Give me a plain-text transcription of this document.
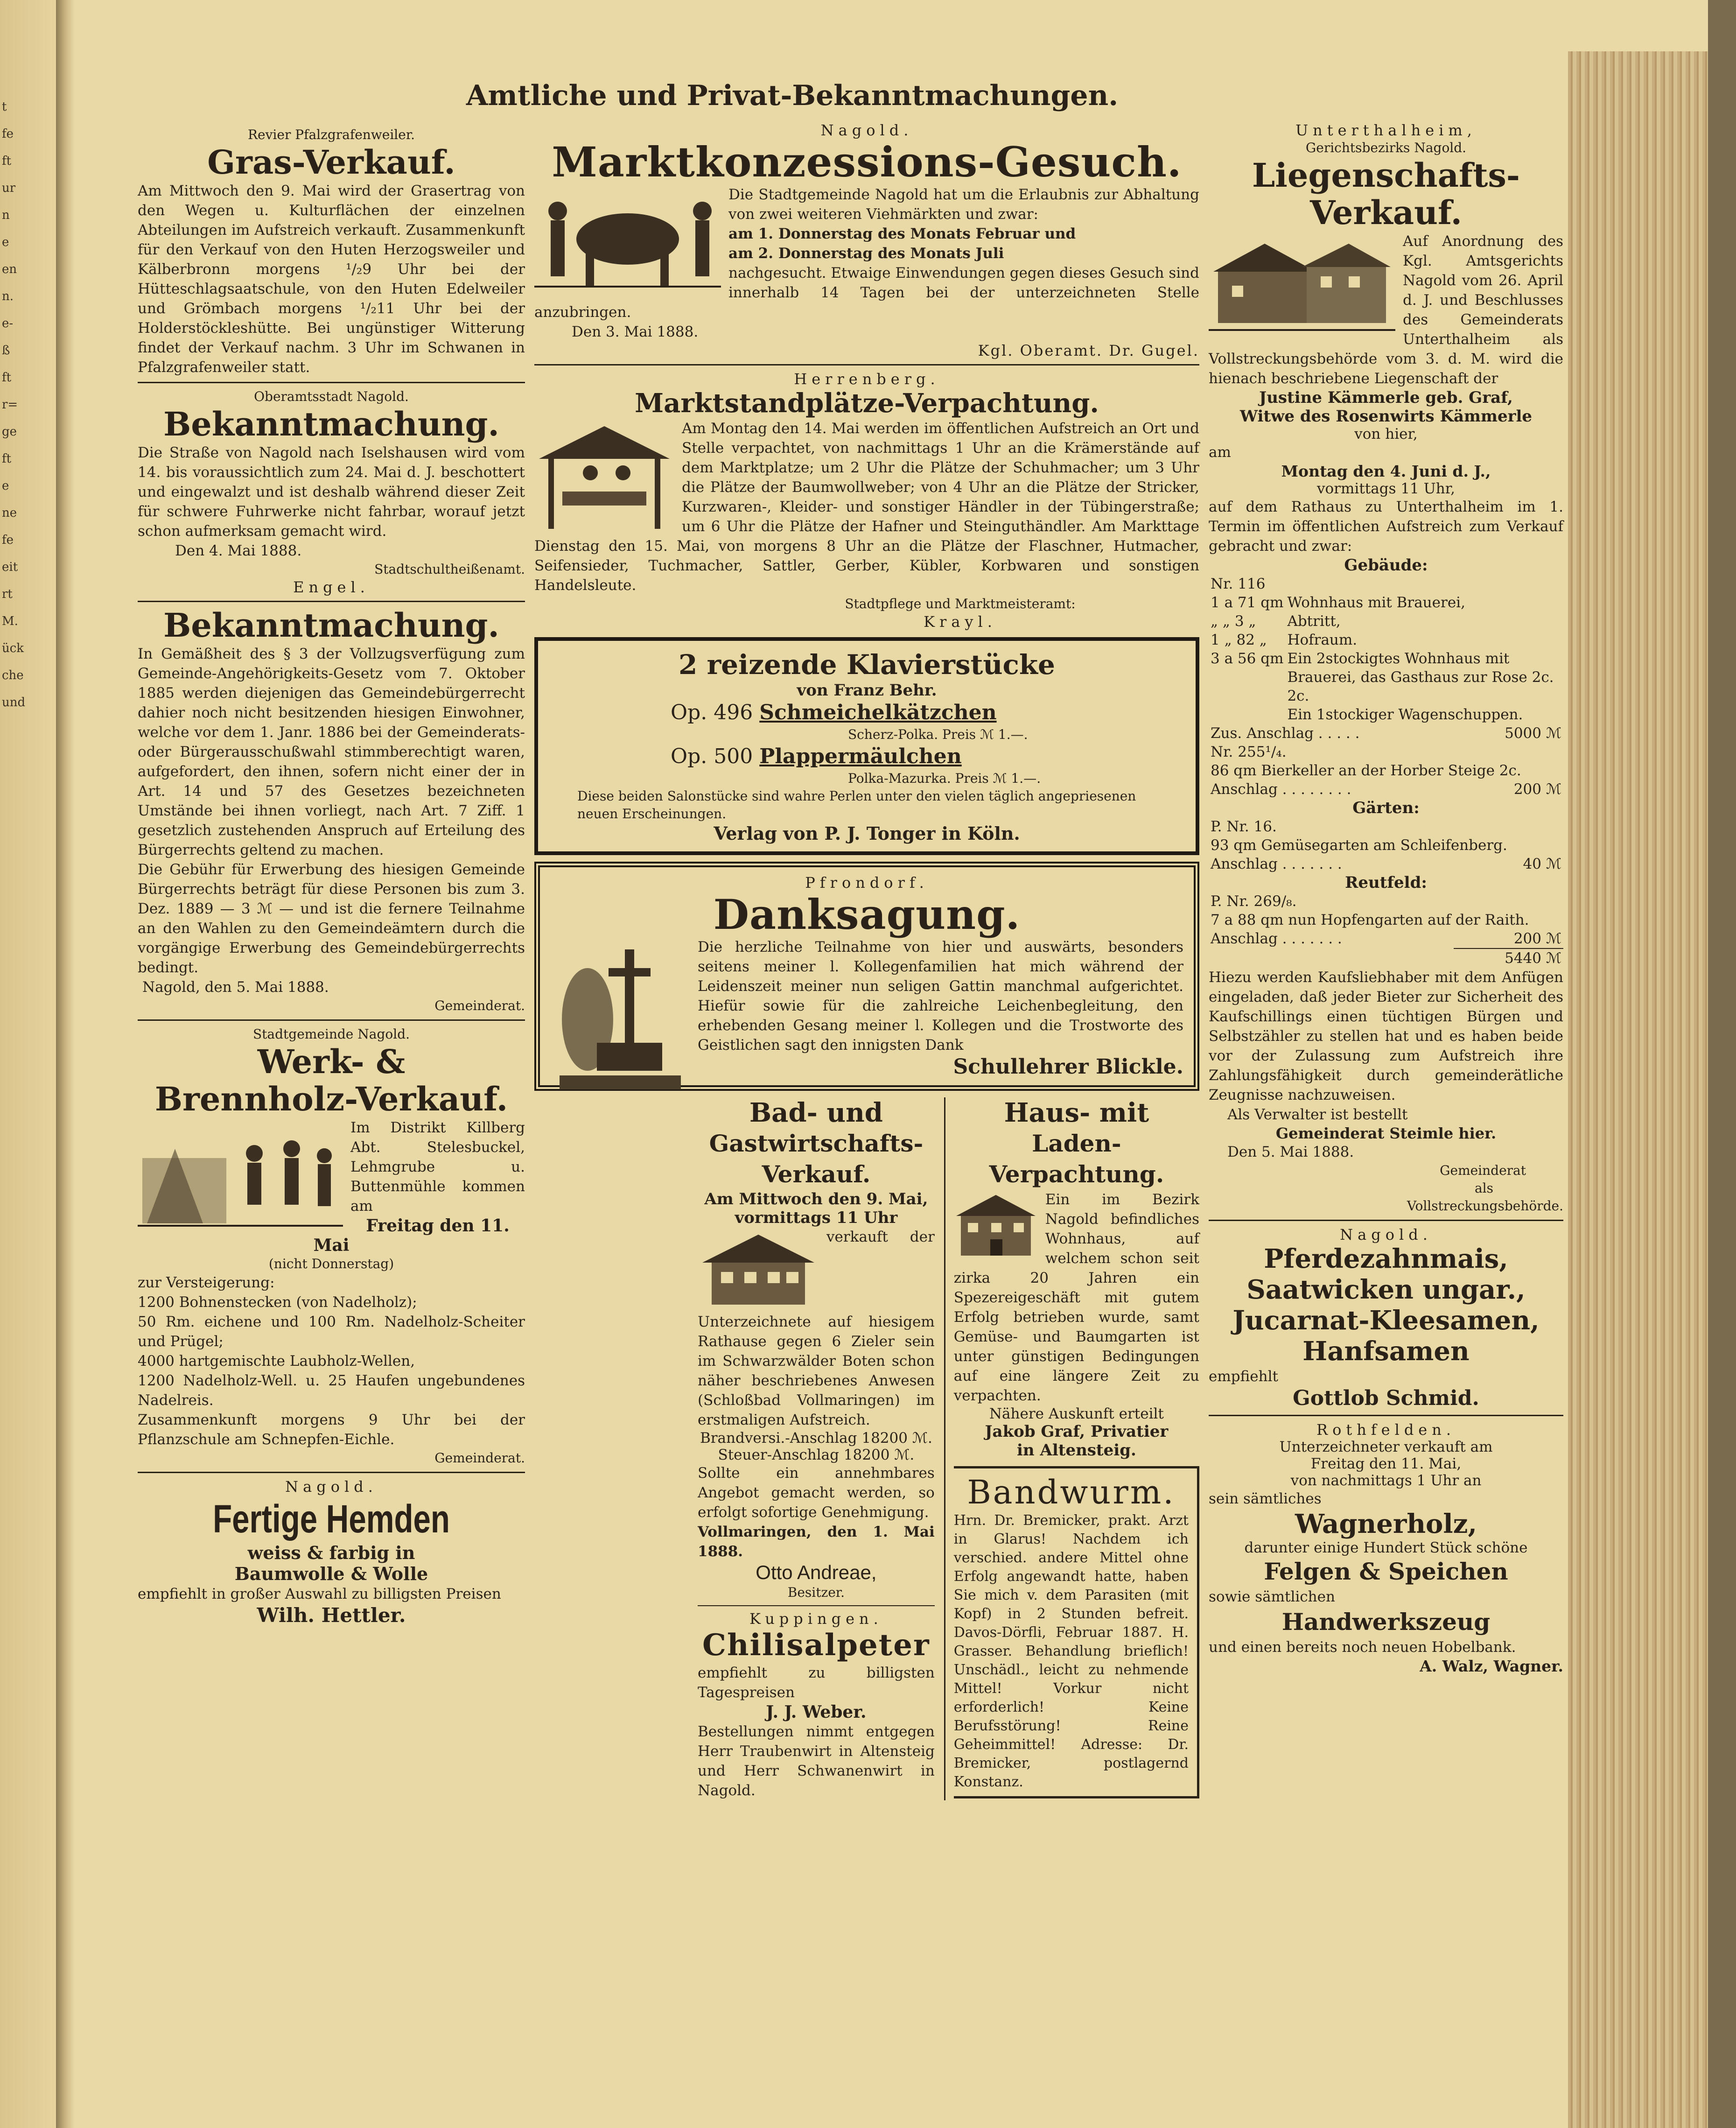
t
fe
ft
ur
n
e
en
n.
e-
ß
ft
r=
ge
ft
e
ne
fe
eit
rt
M.
ück
che
und
Amtliche und Privat-Bekanntmachungen.
Revier Pfalzgrafenweiler.
Gras-Verkauf.
Am Mittwoch den 9. Mai wird der Grasertrag von den Wegen u. Kulturflächen der einzelnen Abteilungen im Aufstreich verkauft. Zusammenkunft für den Verkauf von den Huten Herzogsweiler und Kälberbronn morgens ¹/₂9 Uhr bei der Hütteschlagsaatschule, von den Huten Edelweiler und Grömbach morgens ¹/₂11 Uhr bei der Holderstöckleshütte. Bei ungünstiger Witterung findet der Verkauf nachm. 3 Uhr im Schwanen in Pfalzgrafenweiler statt.
Oberamtsstadt Nagold.
Bekanntmachung.
Die Straße von Nagold nach Iselshausen wird vom 14. bis voraussichtlich zum 24. Mai d. J. beschottert und eingewalzt und ist deshalb während dieser Zeit für schwere Fuhrwerke nicht fahrbar, worauf jetzt schon aufmerksam gemacht wird.
Den 4. Mai 1888.
Stadtschultheißenamt.
Engel.
Bekanntmachung.
In Gemäßheit des § 3 der Vollzugsverfügung zum Gemeinde-Angehörigkeits-Gesetz vom 7. Oktober 1885 werden diejenigen das Gemeindebürgerrecht dahier noch nicht besitzenden hiesigen Einwohner, welche vor dem 1. Janr. 1886 bei der Gemeinderats- oder Bürgerausschußwahl stimmberechtigt waren, aufgefordert, den ihnen, sofern nicht einer der in Art. 14 und 57 des Gesetzes bezeichneten Umstände bei ihnen vorliegt, nach Art. 7 Ziff. 1 gesetzlich zustehenden Anspruch auf Erteilung des Bürgerrechts geltend zu machen.
Die Gebühr für Erwerbung des hiesigen Gemeinde Bürgerrechts beträgt für diese Personen bis zum 3. Dez. 1889 — 3 ℳ — und ist die fernere Teilnahme an den Wahlen zu den Gemeindeämtern durch die vorgängige Erwerbung des Gemeindebürgerrechts bedingt.
Nagold, den 5. Mai 1888.
Gemeinderat.
Stadtgemeinde Nagold.
Werk- &
Brennholz-Verkauf.
Im Distrikt Killberg Abt. Stelesbuckel, Lehmgrube u. Buttenmühle kommen am
Freitag den 11. Mai
(nicht Donnerstag)
zur Versteigerung:
1200 Bohnenstecken (von Nadelholz);
50 Rm. eichene und 100 Rm. Nadelholz-Scheiter und Prügel;
4000 hartgemischte Laubholz-Wellen,
1200 Nadelholz-Well. u. 25 Haufen ungebundenes Nadelreis.
Zusammenkunft morgens 9 Uhr bei der Pflanzschule am Schnepfen-Eichle.
Gemeinderat.
Nagold.
Fertige Hemden
weiss & farbig in
Baumwolle & Wolle
empfiehlt in großer Auswahl zu billigsten Preisen
Wilh. Hettler.
Nagold.
Marktkonzessions-Gesuch.
Die Stadtgemeinde Nagold hat um die Erlaubnis zur Abhaltung von zwei weiteren Viehmärkten und zwar:
am 1. Donnerstag des Monats Februar und
am 2. Donnerstag des Monats Juli
nachgesucht. Etwaige Einwendungen gegen dieses Gesuch sind innerhalb 14 Tagen bei der unterzeichneten Stelle anzubringen.
Den 3. Mai 1888.
Kgl. Oberamt. Dr. Gugel.
Herrenberg.
Marktstandplätze-Verpachtung.
Am Montag den 14. Mai werden im öffentlichen Aufstreich an Ort und Stelle verpachtet, von nachmittags 1 Uhr an die Krämerstände auf dem Marktplatze; um 2 Uhr die Plätze der Schuhmacher; um 3 Uhr die Plätze der Baumwollweber; von 4 Uhr an die Plätze der Stricker, Kurzwaren-, Kleider- und sonstiger Händler in der Tübingerstraße; um 6 Uhr die Plätze der Hafner und Steinguthändler. Am Markttage Dienstag den 15. Mai, von morgens 8 Uhr an die Plätze der Flaschner, Hutmacher, Seifensieder, Tuchmacher, Sattler, Gerber, Kübler, Korbwaren und sonstigen Handelsleute.
Stadtpflege und Marktmeisteramt:
Krayl.
2 reizende Klavierstücke
von Franz Behr.
Op. 496 Schmeichelkätzchen
Scherz-Polka. Preis ℳ 1.—.
Op. 500 Plappermäulchen
Polka-Mazurka. Preis ℳ 1.—.
Diese beiden Salonstücke sind wahre Perlen unter den vielen täglich angepriesenen neuen Erscheinungen.
Verlag von P. J. Tonger in Köln.
Pfrondorf.
Danksagung.
Die herzliche Teilnahme von hier und auswärts, besonders seitens meiner l. Kollegenfamilien hat mich während der Leidenszeit meiner nun seligen Gattin manchmal aufgerichtet. Hiefür sowie für die zahlreiche Leichenbegleitung, den erhebenden Gesang meiner l. Kollegen und die Trostworte des Geistlichen sagt den innigsten Dank
Schullehrer Blickle.
Bad- und
Gastwirtschafts-Verkauf.
Am Mittwoch den 9. Mai,
vormittags 11 Uhr
verkauft der Unterzeichnete auf hiesigem Rathause gegen 6 Zieler sein im Schwarzwälder Boten schon näher beschriebenes Anwesen (Schloßbad Vollmaringen) im erstmaligen Aufstreich.
Brandversi.-Anschlag 18200 ℳ.
Steuer-Anschlag 18200 ℳ.
Sollte ein annehmbares Angebot gemacht werden, so erfolgt sofortige Genehmigung.
Vollmaringen, den 1. Mai 1888.
Otto Andreae,
Besitzer.
Kuppingen.
Chilisalpeter
empfiehlt zu billigsten Tagespreisen
J. J. Weber.
Bestellungen nimmt entgegen Herr Traubenwirt in Altensteig und Herr Schwanenwirt in Nagold.
Haus- mit
Laden-Verpachtung.
Ein im Bezirk Nagold befindliches Wohnhaus, auf welchem schon seit zirka 20 Jahren ein Spezereigeschäft mit gutem Erfolg betrieben wurde, samt Gemüse- und Baumgarten ist unter günstigen Bedingungen auf eine längere Zeit zu verpachten.
Nähere Auskunft erteilt
Jakob Graf, Privatier
in Altensteig.
Bandwurm.
Hrn. Dr. Bremicker, prakt. Arzt in Glarus! Nachdem ich verschied. andere Mittel ohne Erfolg angewandt hatte, haben Sie mich v. dem Parasiten (mit Kopf) in 2 Stunden befreit. Davos-Dörfli, Februar 1887. H. Grasser. Behandlung brieflich! Unschädl., leicht zu nehmende Mittel! Vorkur nicht erforderlich! Keine Berufsstörung! Reine Geheimmittel! Adresse: Dr. Bremicker, postlagernd Konstanz.
Unterthalheim,
Gerichtsbezirks Nagold.
Liegenschafts-
Verkauf.
Auf Anordnung des Kgl. Amtsgerichts Nagold vom 26. April d. J. und Beschlusses des Gemeinderats Unterthalheim als Vollstreckungsbehörde vom 3. d. M. wird die hienach beschriebene Liegenschaft der
Justine Kämmerle geb. Graf,
Witwe des Rosenwirts Kämmerle
von hier,
am
Montag den 4. Juni d. J.,
vormittags 11 Uhr,
auf dem Rathaus zu Unterthalheim im 1. Termin im öffentlichen Aufstreich zum Verkauf gebracht und zwar:
Gebäude:
Nr. 116	
1 a 71 qm	Wohnhaus mit Brauerei,
„ „ 3 „	Abtritt,
1 „ 82 „	Hofraum.
3 a 56 qm	Ein 2stockigtes Wohnhaus mit Brauerei, das Gasthaus zur Rose 2c. 2c.
	Ein 1stockiger Wagenschuppen.
Zus. Anschlag . . . . .	5000 ℳ
Nr. 255¹/₄.	
86 qm Bierkeller an der Horber Steige 2c.	
Anschlag . . . . . . . .	200 ℳ
Gärten:
P. Nr. 16.
93 qm Gemüsegarten am Schleifenberg.
Anschlag . . . . . . .	40 ℳ
Reutfeld:
P. Nr. 269/₈.	
7 a 88 qm nun Hopfengarten auf der Raith.	
Anschlag . . . . . . .	200 ℳ
	5440 ℳ
Hiezu werden Kaufsliebhaber mit dem Anfügen eingeladen, daß jeder Bieter zur Sicherheit des Kaufschillings einen tüchtigen Bürgen und Selbstzähler zu stellen hat und es haben beide vor der Zulassung zum Aufstreich ihre Zahlungsfähigkeit durch gemeinderätliche Zeugnisse nachzuweisen.
Als Verwalter ist bestellt
Gemeinderat Steimle hier.
Den 5. Mai 1888.
Gemeinderat
als
Vollstreckungsbehörde.
Nagold.
Pferdezahnmais,
Saatwicken ungar.,
Jucarnat-Kleesamen,
Hanfsamen
empfiehlt
Gottlob Schmid.
Rothfelden.
Unterzeichneter verkauft am
Freitag den 11. Mai,
von nachmittags 1 Uhr an
sein sämtliches
Wagnerholz,
darunter einige Hundert Stück schöne
Felgen & Speichen
sowie sämtlichen
Handwerkszeug
und einen bereits noch neuen Hobelbank.
A. Walz, Wagner.
